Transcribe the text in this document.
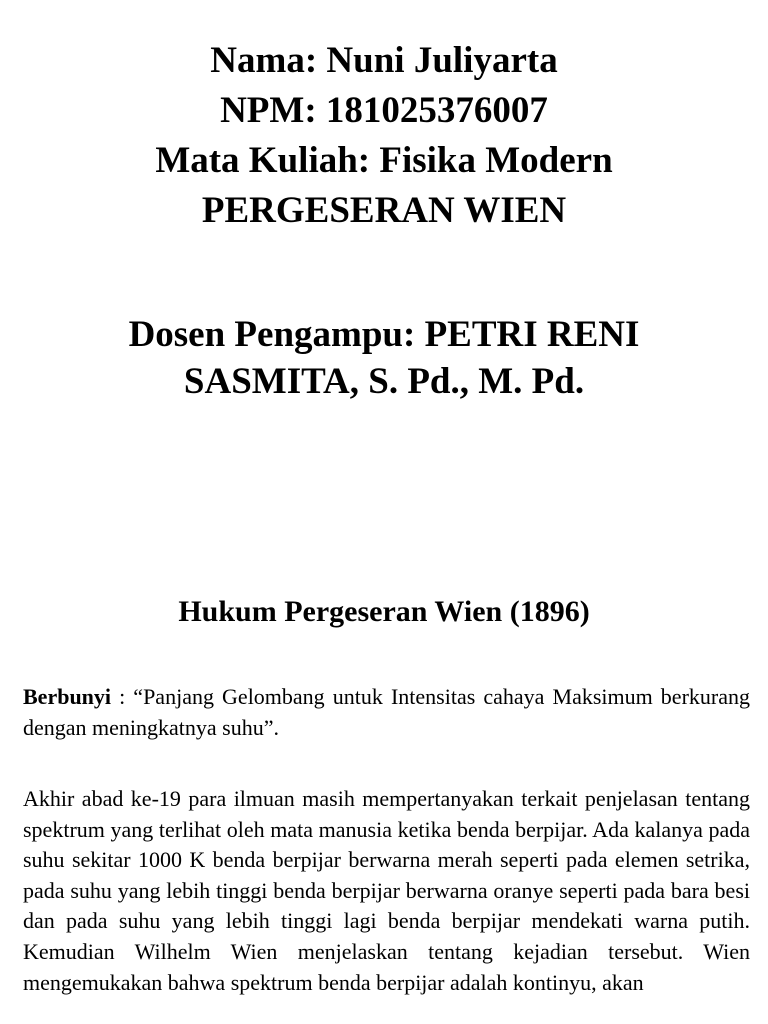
Nama: Nuni Juliyarta
NPM: 181025376007
Mata Kuliah: Fisika Modern
PERGESERAN WIEN
Dosen Pengampu: PETRI RENI
SASMITA, S. Pd., M. Pd.
Hukum Pergeseran Wien (1896)

Berbunyi : “Panjang Gelombang untuk Intensitas cahaya Maksimum berkurang dengan meningkatnya suhu”.

Akhir abad ke-19 para ilmuan masih mempertanyakan terkait penjelasan tentang spektrum yang terlihat oleh mata manusia ketika benda berpijar. Ada kalanya pada suhu sekitar 1000 K benda berpijar berwarna merah seperti pada elemen setrika, pada suhu yang lebih tinggi benda berpijar berwarna oranye seperti pada bara besi dan pada suhu yang lebih tinggi lagi benda berpijar mendekati warna putih. Kemudian Wilhelm Wien menjelaskan tentang kejadian tersebut. Wien mengemukakan bahwa spektrum benda berpijar adalah kontinyu, akan
